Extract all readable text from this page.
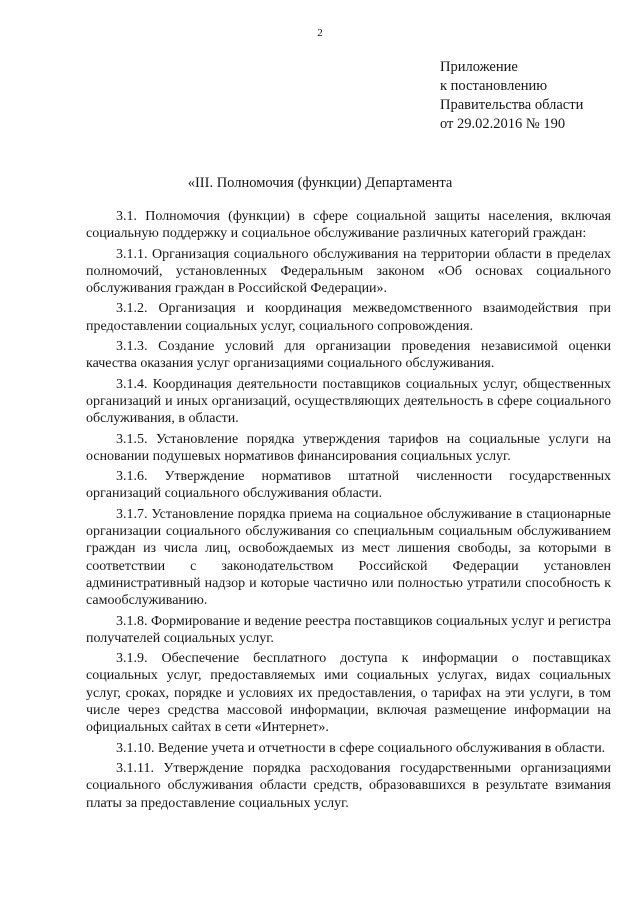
2
Приложение
к постановлению
Правительства области
от 29.02.2016 № 190
«III. Полномочия (функции) Департамента

3.1. Полномочия (функции) в сфере социальной защиты населения, включая социальную поддержку и социальное обслуживание различных категорий граждан:

3.1.1. Организация социального обслуживания на территории области в пределах полномочий, установленных Федеральным законом «Об основах социального обслуживания граждан в Российской Федерации».

3.1.2. Организация и координация межведомственного взаимодействия при предоставлении социальных услуг, социального сопровождения.

3.1.3. Создание условий для организации проведения независимой оценки качества оказания услуг организациями социального обслуживания.

3.1.4. Координация деятельности поставщиков социальных услуг, общественных организаций и иных организаций, осуществляющих деятельность в сфере социального обслуживания, в области.

3.1.5. Установление порядка утверждения тарифов на социальные услуги на основании подушевых нормативов финансирования социальных услуг.

3.1.6. Утверждение нормативов штатной численности государственных организаций социального обслуживания области.

3.1.7. Установление порядка приема на социальное обслуживание в стационарные организации социального обслуживания со специальным социальным обслуживанием граждан из числа лиц, освобождаемых из мест лишения свободы, за которыми в соответствии с законодательством Российской Федерации установлен административный надзор и которые частично или полностью утратили способность к самообслуживанию.

3.1.8. Формирование и ведение реестра поставщиков социальных услуг и регистра получателей социальных услуг.

3.1.9. Обеспечение бесплатного доступа к информации о поставщиках социальных услуг, предоставляемых ими социальных услугах, видах социальных услуг, сроках, порядке и условиях их предоставления, о тарифах на эти услуги, в том числе через средства массовой информации, включая размещение информации на официальных сайтах в сети «Интернет».

3.1.10. Ведение учета и отчетности в сфере социального обслуживания в области.

3.1.11. Утверждение порядка расходования государственными организациями социального обслуживания области средств, образовавшихся в результате взимания платы за предоставление социальных услуг.
